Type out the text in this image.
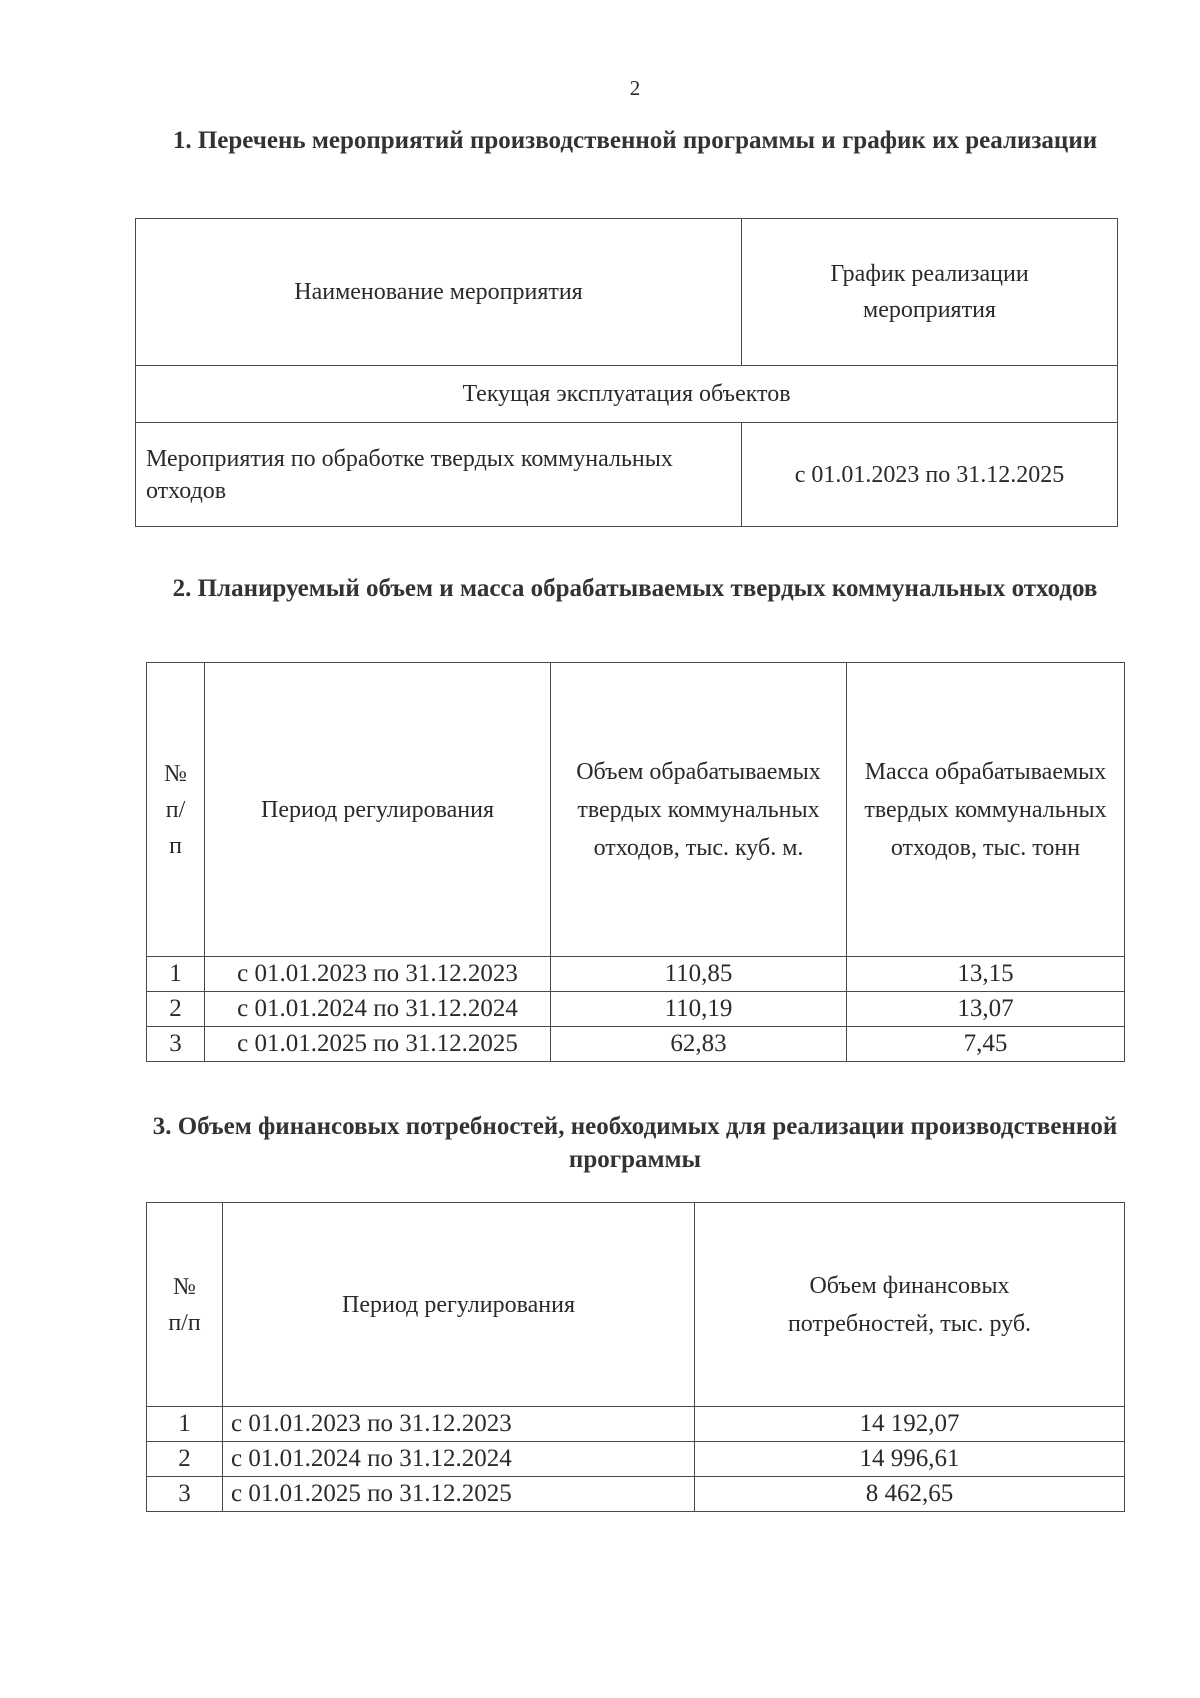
2
1. Перечень мероприятий производственной программы и график их реализации
Наименование мероприятия	График реализации мероприятия
Текущая эксплуатация объектов	
Мероприятия по обработке твердых коммунальных отходов	с 01.01.2023 по 31.12.2025
2. Планируемый объем и масса обрабатываемых твердых коммунальных отходов
№ п/ п	Период регулирования	Объем обрабатываемых твердых коммунальных отходов, тыс. куб. м.	Масса обрабатываемых твердых коммунальных отходов, тыс. тонн
1	с 01.01.2023 по 31.12.2023	110,85	13,15
2	с 01.01.2024 по 31.12.2024	110,19	13,07
3	с 01.01.2025 по 31.12.2025	62,83	7,45
3. Объем финансовых потребностей, необходимых для реализации производственной программы
№ п/п	Период регулирования	Объем финансовых потребностей, тыс. руб.
1	с 01.01.2023 по 31.12.2023	14 192,07
2	с 01.01.2024 по 31.12.2024	14 996,61
3	с 01.01.2025 по 31.12.2025	8 462,65
